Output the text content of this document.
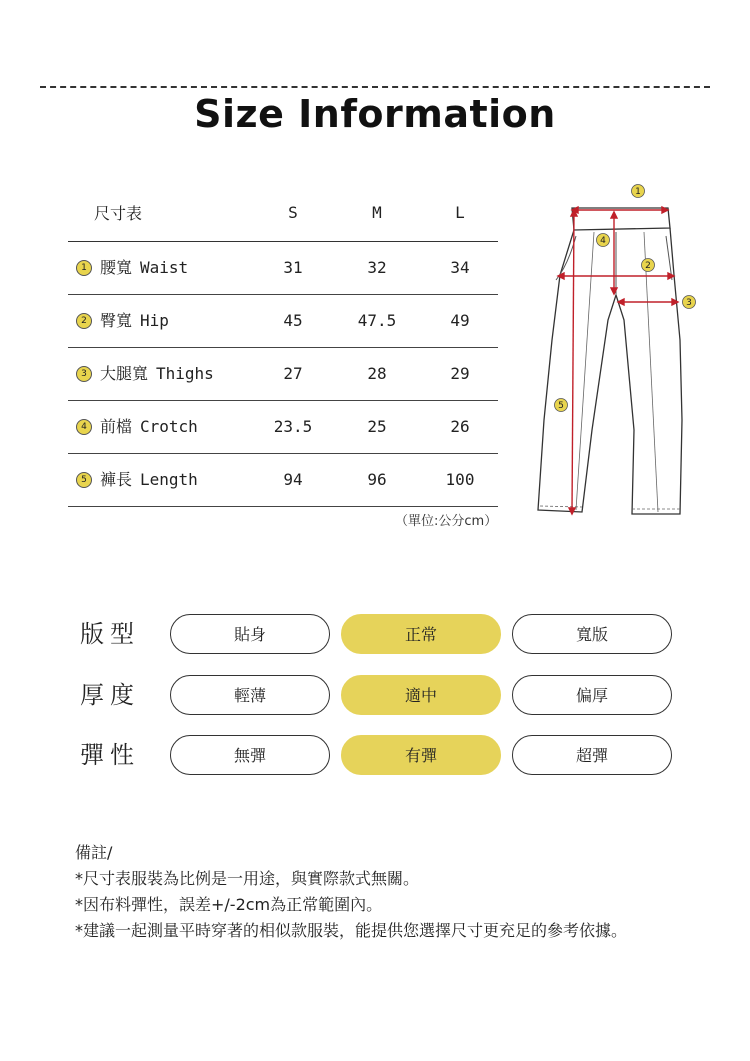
Size Information
尺寸表	S	M	L
1 腰寬 Waist	31	32	34
2 臀寬 Hip	45	47.5	49
3 大腿寬 Thighs	27	28	29
4 前檔 Crotch	23.5	25	26
5 褲長 Length	94	96	100
（單位:公分cm）
1
2
3
4
5
版型	貼身	正常	寬版
厚度	輕薄	適中	偏厚
彈性	無彈	有彈	超彈
備註/
*尺寸表服裝為比例是一用途，與實際款式無關。
*因布料彈性，誤差+/-2cm為正常範圍內。
*建議一起測量平時穿著的相似款服裝，能提供您選擇尺寸更充足的參考依據。
